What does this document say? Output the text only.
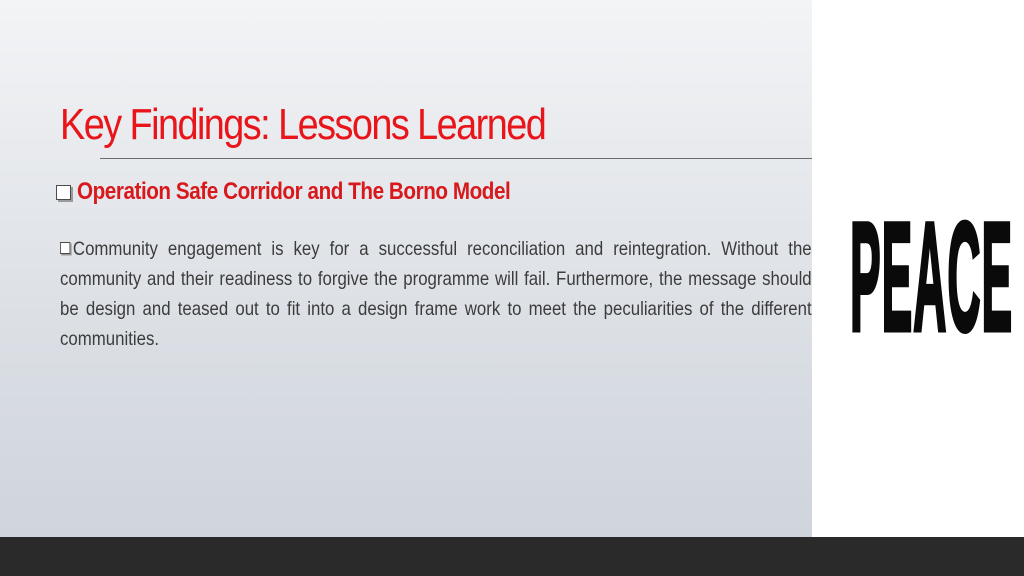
Key Findings: Lessons Learned
Operation Safe Corridor and The Borno Model
Community engagement is key for a successful reconciliation and reintegration. Without the community and their readiness to forgive the programme will fail. Furthermore, the message should be design and teased out to fit into a design frame work to meet the peculiarities of the different communities.	PEACE
